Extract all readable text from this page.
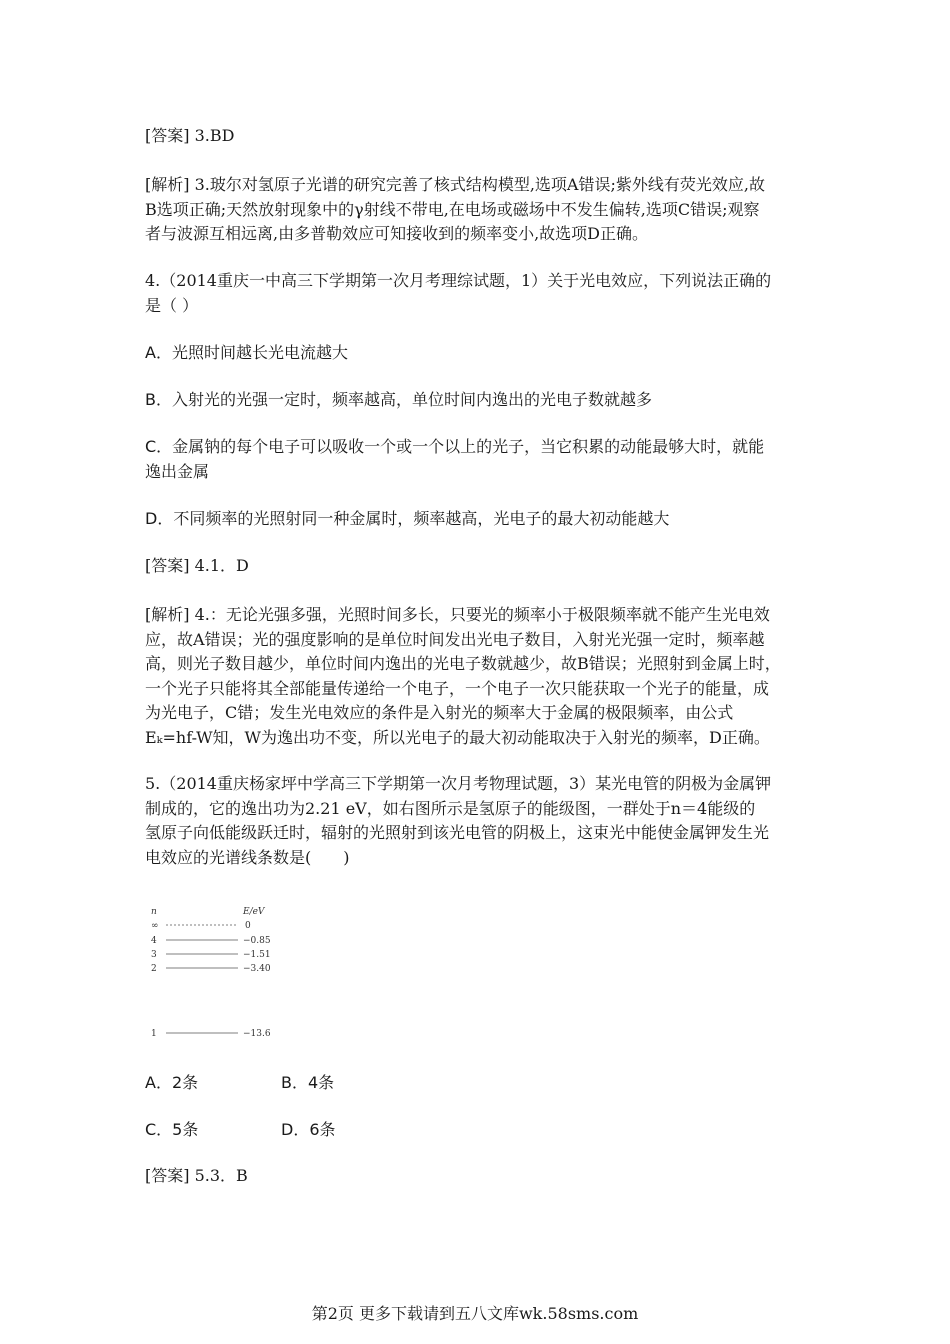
[答案] 3.BD

[解析] 3.玻尔对氢原子光谱的研究完善了核式结构模型,选项A错误;紫外线有荧光效应,故
B选项正确;天然放射现象中的γ射线不带电,在电场或磁场中不发生偏转,选项C错误;观察
者与波源互相远离,由多普勒效应可知接收到的频率变小,故选项D正确。

4.（2014重庆一中高三下学期第一次月考理综试题，1）关于光电效应，下列说法正确的
是（ ）

A．光照时间越长光电流越大

B．入射光的光强一定时，频率越高，单位时间内逸出的光电子数就越多

C．金属钠的每个电子可以吸收一个或一个以上的光子，当它积累的动能最够大时，就能
逸出金属

D．不同频率的光照射同一种金属时，频率越高，光电子的最大初动能越大

[答案] 4.1．D

[解析] 4.：无论光强多强，光照时间多长，只要光的频率小于极限频率就不能产生光电效
应，故A错误；光的强度影响的是单位时间发出光电子数目，入射光光强一定时，频率越
高，则光子数目越少，单位时间内逸出的光电子数就越少，故B错误；光照射到金属上时，
一个光子只能将其全部能量传递给一个电子，一个电子一次只能获取一个光子的能量，成
为光电子，C错；发生光电效应的条件是入射光的频率大于金属的极限频率，由公式
Eₖ=hf-W知，W为逸出功不变，所以光电子的最大初动能取决于入射光的频率，D正确。

5.（2014重庆杨家坪中学高三下学期第一次月考物理试题，3）某光电管的阴极为金属钾
制成的，它的逸出功为2.21 eV，如右图所示是氢原子的能级图，一群处于n＝4能级的
氢原子向低能级跃迁时，辐射的光照射到该光电管的阴极上，这束光中能使金属钾发生光
电效应的光谱线条数是(　　)

n	E/eV
∞	0
4	−0.85
3	−1.51
2	−3.40
1	−13.6
A．2条	B．4条
C．5条	D．6条

[答案] 5.3．B

第2页 更多下载请到五八文库wk.58sms.com
